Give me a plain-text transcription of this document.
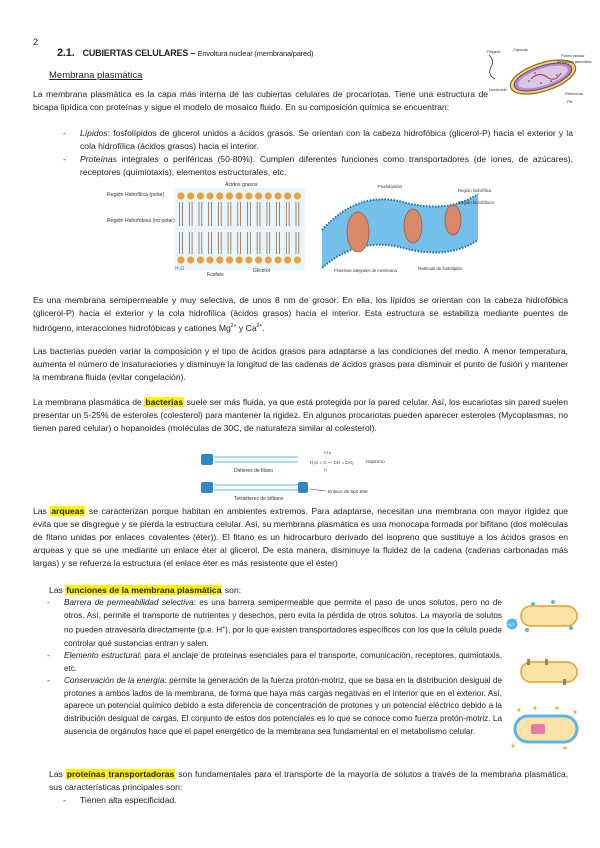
2
2.1. CUBIERTAS CELULARES – Envoltura nuclear (membrana/pared)
Membrana plasmática
Flagelo	Cápsula
Pared celular
Membrana plasmática
Nucleoide
Ribosoma
Pili

La membrana plasmática es la capa más interna de las cubiertas celulares de procariotas. Tiene una estructura de bicapa lipídica con proteínas y sigue el modelo de mosaico fluido. En su composición química se encuentran:

- Lípidos: fosfolípidos de glicerol unidos a ácidos grasos. Se orientan con la cabeza hidrofóbica (glicerol-P) hacia el exterior y la cola hidrofílica (ácidos grasos) hacia el interior.
- Proteínas integrales o periféricas (50-80%). Cumplen diferentes funciones como transportadores (de iones, de azúcares), receptores (quimiotaxis), elementos estructurales, etc.
Región Hidrofílica (polar)
Región Hidrofóbica (no polar)
Ácidos grasos
H₂O
Fosfato
Glicerol
Fosfolípidos
Región hidrofílica
Región hidrofóbica
Proteínas integrales de membrana	Molécula de fosfolípido

Es una membrana semipermeable y muy selectiva, de unos 8 nm de grosor. En ella, los lípidos se orientan con la cabeza hidrofóbica (glicerol-P) hacia el exterior y la cola hidrofílica (ácidos grasos) hacia el interior. Esta estructura se estabiliza mediante puentes de hidrógeno, interacciones hidrofóbicas y cationes $Mg^{2+}$ y $Ca^{2+}$.

Las bacterias pueden variar la composición y el tipo de ácidos grasos para adaptarse a las condiciones del medio. A menor temperatura, aumenta el número de insaturaciones y disminuye la longitud de las cadenas de ácidos grasos para disminuir el punto de fusión y mantener la membrana fluida (evitar congelación).

La membrana plasmática de bacterias suele ser más fluida, ya que está protegida por la pared celular. Así, los eucariotas sin pared suelen presentar un 5-25% de esteroles (colesterol) para mantener la rigidez. En algunos procariotas pueden aparecer esteroles (Mycoplasmas, no tienen pared celular) o hopanoides (moléculas de 30C, de naturaleza similar al colesterol).

Diéteres de fitano
Tetraéteres de bifitano
CH₃
H₂C = C — CH = CH₂
H
Isopreno
Enlace de tipo éter

Las arqueas se caracterizan porque habitan en ambientes extremos. Para adaptarse, necesitan una membrana con mayor rigidez que evita que se disgregue y se pierda la estructura celular. Así, su membrana plasmática es una monocapa formada por bifitano (dos moléculas de fitano unidas por enlaces covalentes (éter)). El fitano es un hidrocarburo derivado del isopreno que sustituye a los ácidos grasos en arqueas y que se une mediante un enlace éter al glicerol. De esta manera, disminuye la fluidez de la cadena (cadenas carbonadas más largas) y se refuerza la estructura (el enlace éter es más resistente que el éster)

Las funciones de la membrana plasmática son:
- Barrera de permeabilidad selectiva: es una barrera semipermeable que permite el paso de unos solutos, pero no de otros. Así, permite el transporte de nutrientes y desechos, pero evita la pérdida de otros solutos. La mayoría de solutos no pueden atravesarla directamente (p.e. H+), por lo que existen transportadores específicos con los que la célula puede controlar qué sustancias entran y salen.
- Elemento estructural: para el anclaje de proteínas esenciales para el transporte, comunicación, receptores, quimiotaxis, etc.
- Conservación de la energía: permite la generación de la fuerza protón-motriz, que se basa en la distribución desigual de protones a ambos lados de la membrana, de forma que haya más cargas negativas en el interior que en el exterior. Así, aparece un potencial químico debido a esta diferencia de concentración de protones y un potencial eléctrico debido a la distribución desigual de cargas. El conjunto de estos dos potenciales es lo que se conoce como fuerza protón-motriz. La ausencia de orgánulos hace que el papel energético de la membrana sea fundamental en el metabolismo celular.
H₂O

Las proteínas transportadoras son fundamentales para el transporte de la mayoría de solutos a través de la membrana plasmática, sus características principales son:

- Tienen alta especificidad.
